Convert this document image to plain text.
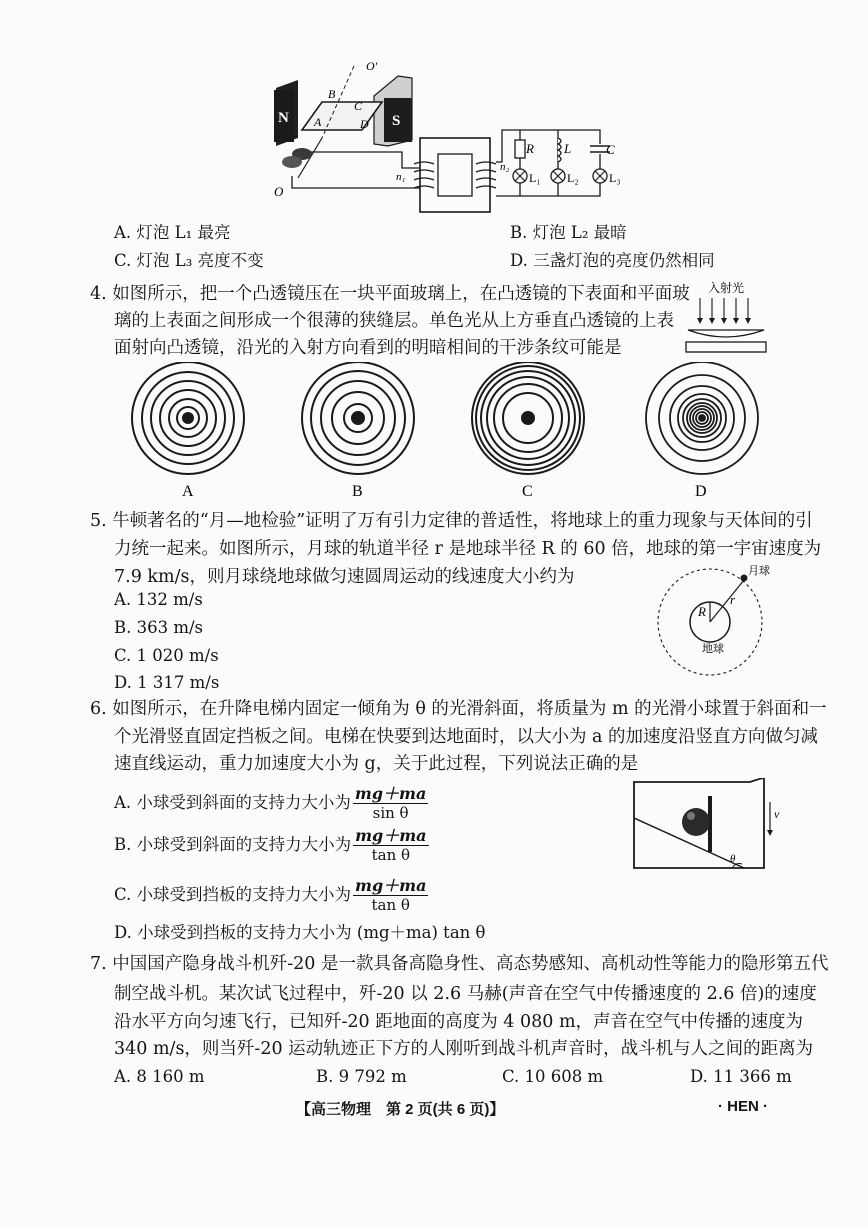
N	S
O′
A
B
C
D
O
n₁
n₂
R L	C
L₁ L₂	L₃
A. 灯泡 L₁ 最亮	B. 灯泡 L₂ 最暗
C. 灯泡 L₃ 亮度不变	D. 三盏灯泡的亮度仍然相同
4. 如图所示，把一个凸透镜压在一块平面玻璃上，在凸透镜的下表面和平面玻
璃的上表面之间形成一个很薄的狭缝层。单色光从上方垂直凸透镜的上表
面射向凸透镜，沿光的入射方向看到的明暗相间的干涉条纹可能是
入射光
A	B	C	D
5. 牛顿著名的“月—地检验”证明了万有引力定律的普适性，将地球上的重力现象与天体间的引
力统一起来。如图所示，月球的轨道半径 r 是地球半径 R 的 60 倍，地球的第一宇宙速度为
7.9 km/s，则月球绕地球做匀速圆周运动的线速度大小约为
A. 132 m/s
B. 363 m/s
C. 1 020 m/s
D. 1 317 m/s
R
r
月球
地球
6. 如图所示，在升降电梯内固定一倾角为 θ 的光滑斜面，将质量为 m 的光滑小球置于斜面和一
个光滑竖直固定挡板之间。电梯在快要到达地面时，以大小为 a 的加速度沿竖直方向做匀减
速直线运动，重力加速度大小为 g，关于此过程，下列说法正确的是
A. 小球受到斜面的支持力大小为 $\frac{mg+ma}{\text{sin θ}}$
B. 小球受到斜面的支持力大小为 $\frac{mg+ma}{\text{tan θ}}$
C. 小球受到挡板的支持力大小为 $\frac{mg+ma}{\text{tan θ}}$
D. 小球受到挡板的支持力大小为 (mg＋ma) tan θ
θ
v
7. 中国国产隐身战斗机歼-20 是一款具备高隐身性、高态势感知、高机动性等能力的隐形第五代
制空战斗机。某次试飞过程中，歼-20 以 2.6 马赫(声音在空气中传播速度的 2.6 倍)的速度
沿水平方向匀速飞行，已知歼-20 距地面的高度为 4 080 m，声音在空气中传播的速度为
340 m/s，则当歼-20 运动轨迹正下方的人刚听到战斗机声音时，战斗机与人之间的距离为
A. 8 160 m	B. 9 792 m	C. 10 608 m	D. 11 366 m
【高三物理　第 2 页(共 6 页)】	· HEN ·
